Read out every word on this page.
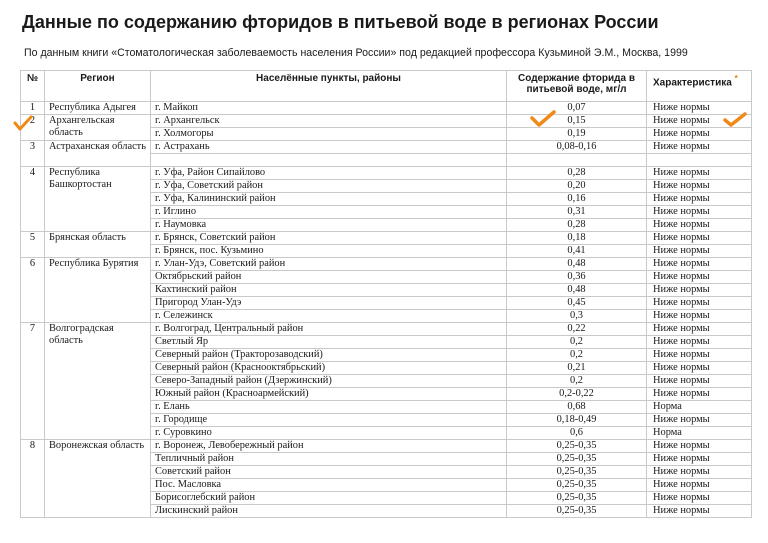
Данные по содержанию фторидов в питьевой воде в регионах России
По данным книги «Стоматологическая заболеваемость населения России» под редакцией профессора Кузьминой Э.М., Москва, 1999
№	Регион	Населённые пункты, районы	Содержание фторида в питьевой воде, мг/л	Характеристика *
1	Республика Адыгея	г. Майкоп	0,07	Ниже нормы
2	Архангельская область	г. Архангельск	0,15	Ниже нормы
		г. Холмогоры	0,19	Ниже нормы
3	Астраханская область	г. Астрахань	0,08-0,16	Ниже нормы

4	Республика Башкортостан	г. Уфа, Район Сипайлово	0,28	Ниже нормы
		г. Уфа, Советский район	0,20	Ниже нормы
		г. Уфа, Калининский район	0,16	Ниже нормы
		г. Иглино	0,31	Ниже нормы
		г. Наумовка	0,28	Ниже нормы
5	Брянская область	г. Брянск, Советский район	0,18	Ниже нормы
		г. Брянск, пос. Кузьмино	0,41	Ниже нормы
6	Республика Бурятия	г. Улан-Удэ, Советский район	0,48	Ниже нормы
		Октябрьский район	0,36	Ниже нормы
		Кахтинский район	0,48	Ниже нормы
		Пригород Улан-Удэ	0,45	Ниже нормы
		г. Сележинск	0,3	Ниже нормы
7	Волгоградская область	г. Волгоград, Центральный район	0,22	Ниже нормы
		Светлый Яр	0,2	Ниже нормы
		Северный район (Тракторозаводский)	0,2	Ниже нормы
		Северный район (Краснооктябрьский)	0,21	Ниже нормы
		Северо-Западный район (Дзержинский)	0,2	Ниже нормы
		Южный район (Красноармейский)	0,2-0,22	Ниже нормы
		г. Елань	0,68	Норма
		г. Городище	0,18-0,49	Ниже нормы
		г. Суровкино	0,6	Норма
8	Воронежская область	г. Воронеж, Левобережный район	0,25-0,35	Ниже нормы
		Тепличный район	0,25-0,35	Ниже нормы
		Советский район	0,25-0,35	Ниже нормы
		Пос. Масловка	0,25-0,35	Ниже нормы
		Борисоглебский район	0,25-0,35	Ниже нормы
		Лискинский район	0,25-0,35	Ниже нормы
